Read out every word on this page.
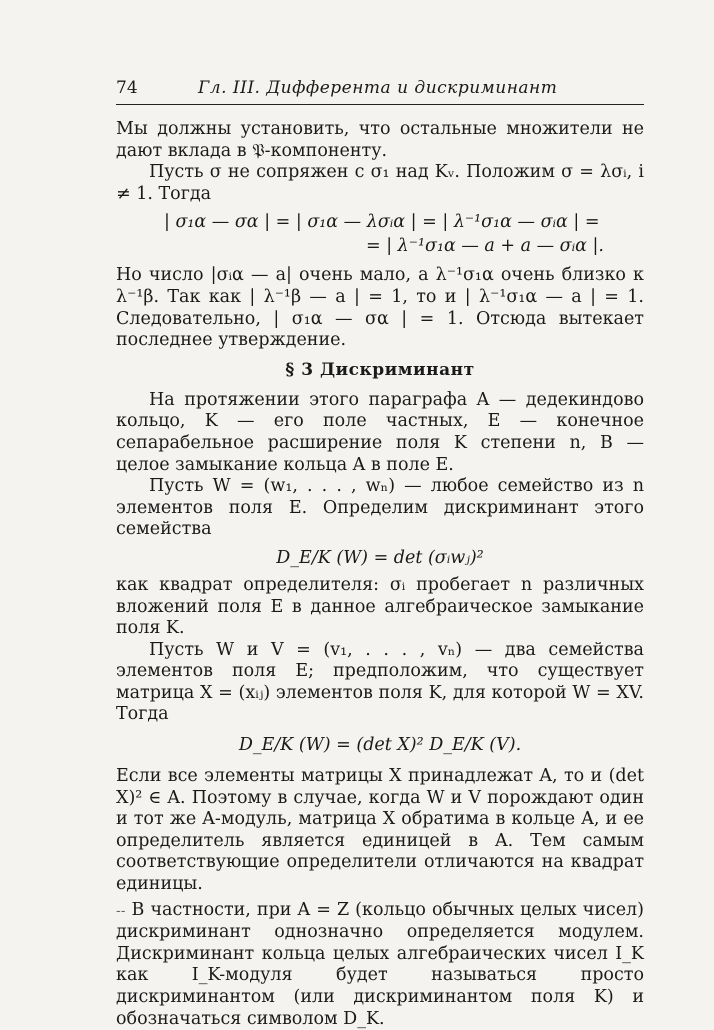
74	Гл. III. Дифферента и дискриминант

Мы должны установить, что остальные множители не дают вклада в 𝔓-компоненту.

Пусть σ не сопряжен с σ₁ над Kᵥ. Положим σ = λσᵢ, i ≠ 1. Тогда

| σ₁α — σα | = | σ₁α — λσᵢα | = | λ⁻¹σ₁α — σᵢα | =
= | λ⁻¹σ₁α — a + a — σᵢα |.

Но число |σᵢα — a| очень мало, а λ⁻¹σ₁α очень близко к λ⁻¹β. Так как | λ⁻¹β — a | = 1, то и | λ⁻¹σ₁α — a | = 1. Следовательно, | σ₁α — σα | = 1. Отсюда вытекает последнее утверждение.

§ 3 Дискриминант

На протяжении этого параграфа A — дедекиндово кольцо, K — его поле частных, E — конечное сепарабельное расширение поля K степени n, B — целое замыкание кольца A в поле E.

Пусть W = (w₁, . . . , wₙ) — любое семейство из n элементов поля E. Определим дискриминант этого семейства

D_E/K (W) = det (σᵢwⱼ)²

как квадрат определителя: σᵢ пробегает n различных вложений поля E в данное алгебраическое замыкание поля K.

Пусть W и V = (v₁, . . . , vₙ) — два семейства элементов поля E; предположим, что существует матрица X = (xᵢⱼ) элементов поля K, для которой W = XV. Тогда

D_E/K (W) = (det X)² D_E/K (V).

Если все элементы матрицы X принадлежат A, то и (det X)² ∈ A. Поэтому в случае, когда W и V порождают один и тот же A-модуль, матрица X обратима в кольце A, и ее определитель является единицей в A. Тем самым соответствующие определители отличаются на квадрат единицы.

-- В частности, при A = Z (кольцо обычных целых чисел) дискриминант однозначно определяется модулем. Дискриминант кольца целых алгебраических чисел I_K как I_K-модуля будет называться просто дискриминантом (или дискриминантом поля K) и обозначаться символом D_K.
